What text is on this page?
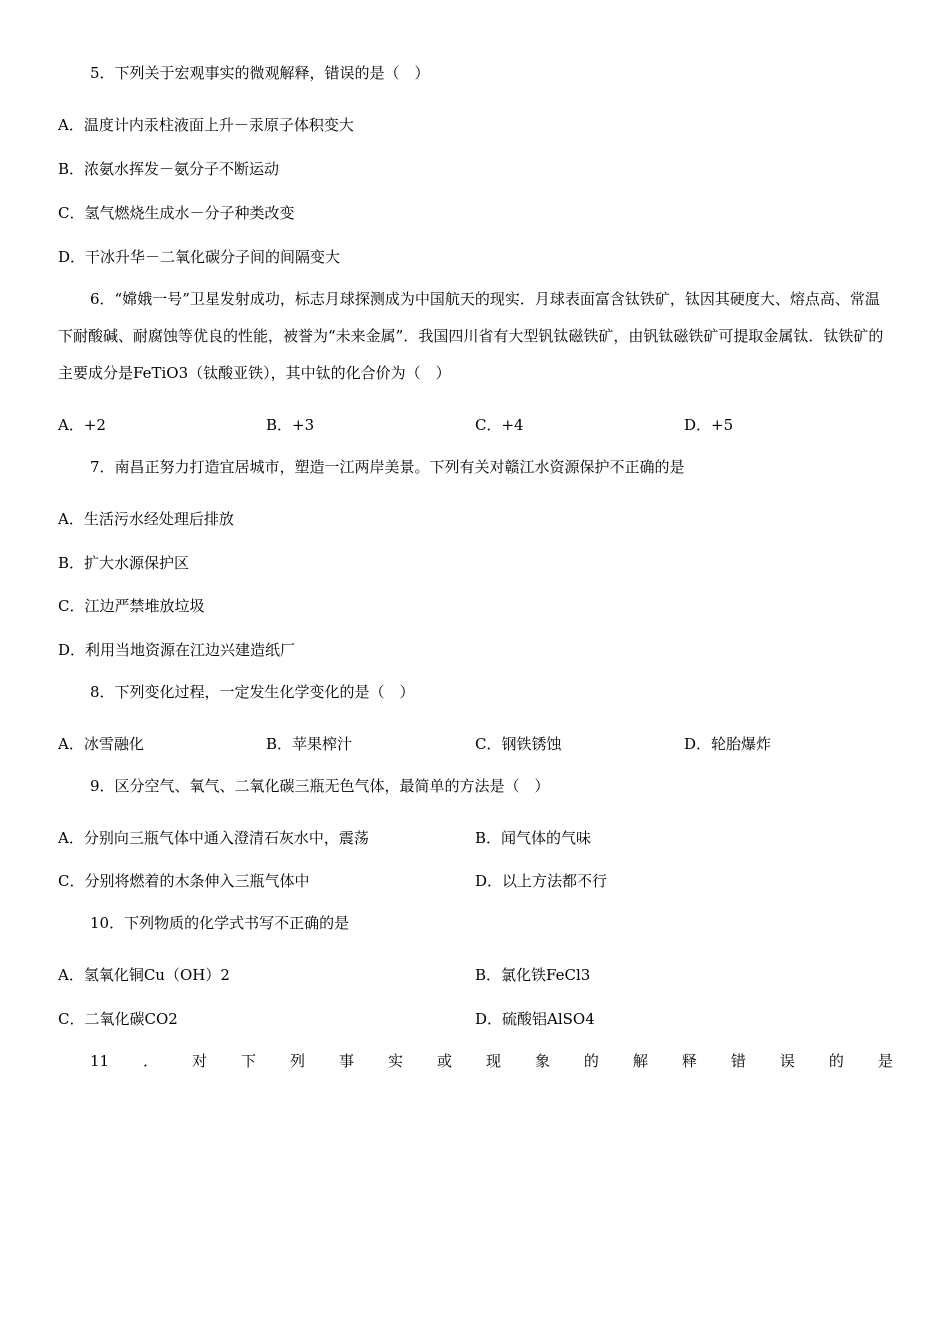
5．下列关于宏观事实的微观解释，错误的是（　）

A．温度计内汞柱液面上升－汞原子体积变大

B．浓氨水挥发－氨分子不断运动

C．氢气燃烧生成水－分子种类改变

D．干冰升华－二氧化碳分子间的间隔变大

6．“嫦娥一号”卫星发射成功，标志月球探测成为中国航天的现实．月球表面富含钛铁矿，钛因其硬度大、熔点高、常温下耐酸碱、耐腐蚀等优良的性能，被誉为“未来金属”．我国四川省有大型钒钛磁铁矿，由钒钛磁铁矿可提取金属钛．钛铁矿的主要成分是FeTiO3（钛酸亚铁），其中钛的化合价为（　）

A．+2	B．+3	C．+4	D．+5

7．南昌正努力打造宜居城市，塑造一江两岸美景。下列有关对赣江水资源保护不正确的是

A．生活污水经处理后排放

B．扩大水源保护区

C．江边严禁堆放垃圾

D．利用当地资源在江边兴建造纸厂

8．下列变化过程，一定发生化学变化的是（　）

A．冰雪融化	B．苹果榨汁	C．钢铁锈蚀	D．轮胎爆炸

9．区分空气、氧气、二氧化碳三瓶无色气体，最简单的方法是（　）

A．分别向三瓶气体中通入澄清石灰水中，震荡	B．闻气体的气味

C．分别将燃着的木条伸入三瓶气体中	D．以上方法都不行

10．下列物质的化学式书写不正确的是

A．氢氧化铜Cu（OH）2	B．氯化铁FeCl3

C．二氧化碳CO2	D．硫酸铝AlSO4

11 ． 对 下 列 事 实 或 现 象 的 解 释 错 误 的 是
